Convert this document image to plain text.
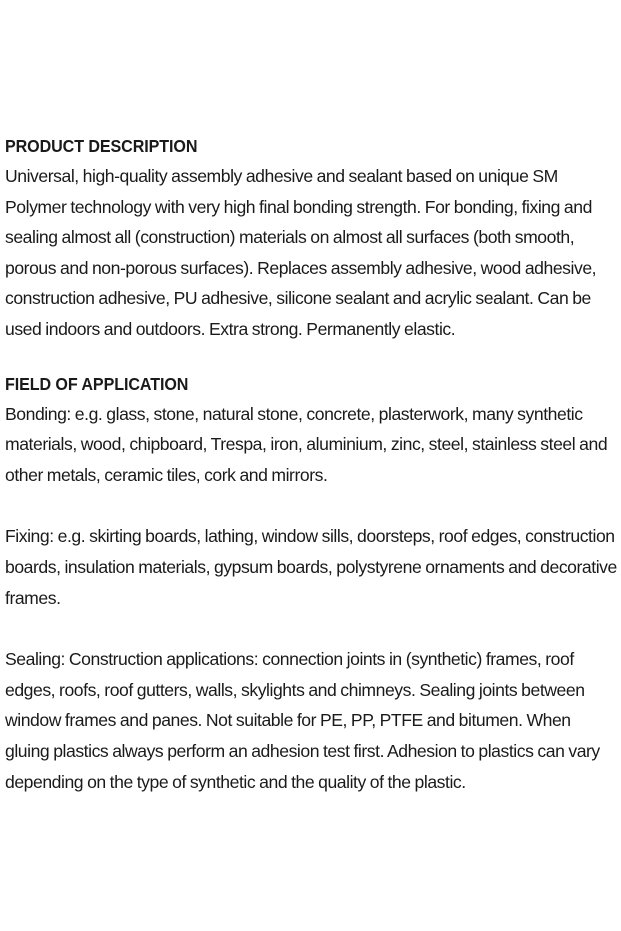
PRODUCT DESCRIPTION

Universal, high-quality assembly adhesive and sealant based on unique SM Polymer technology with very high final bonding strength. For bonding, fixing and sealing almost all (construction) materials on almost all surfaces (both smooth, porous and non-porous surfaces). Replaces assembly adhesive, wood adhesive, construction adhesive, PU adhesive, silicone sealant and acrylic sealant. Can be used indoors and outdoors. Extra strong. Permanently elastic.

FIELD OF APPLICATION

Bonding: e.g. glass, stone, natural stone, concrete, plasterwork, many synthetic materials, wood, chipboard, Trespa, iron, aluminium, zinc, steel, stainless steel and other metals, ceramic tiles, cork and mirrors.

Fixing: e.g. skirting boards, lathing, window sills, doorsteps, roof edges, construction boards, insulation materials, gypsum boards, polystyrene ornaments and decorative frames.

Sealing: Construction applications: connection joints in (synthetic) frames, roof edges, roofs, roof gutters, walls, skylights and chimneys. Sealing joints between window frames and panes. Not suitable for PE, PP, PTFE and bitumen. When gluing plastics always perform an adhesion test first. Adhesion to plastics can vary depending on the type of synthetic and the quality of the plastic.
